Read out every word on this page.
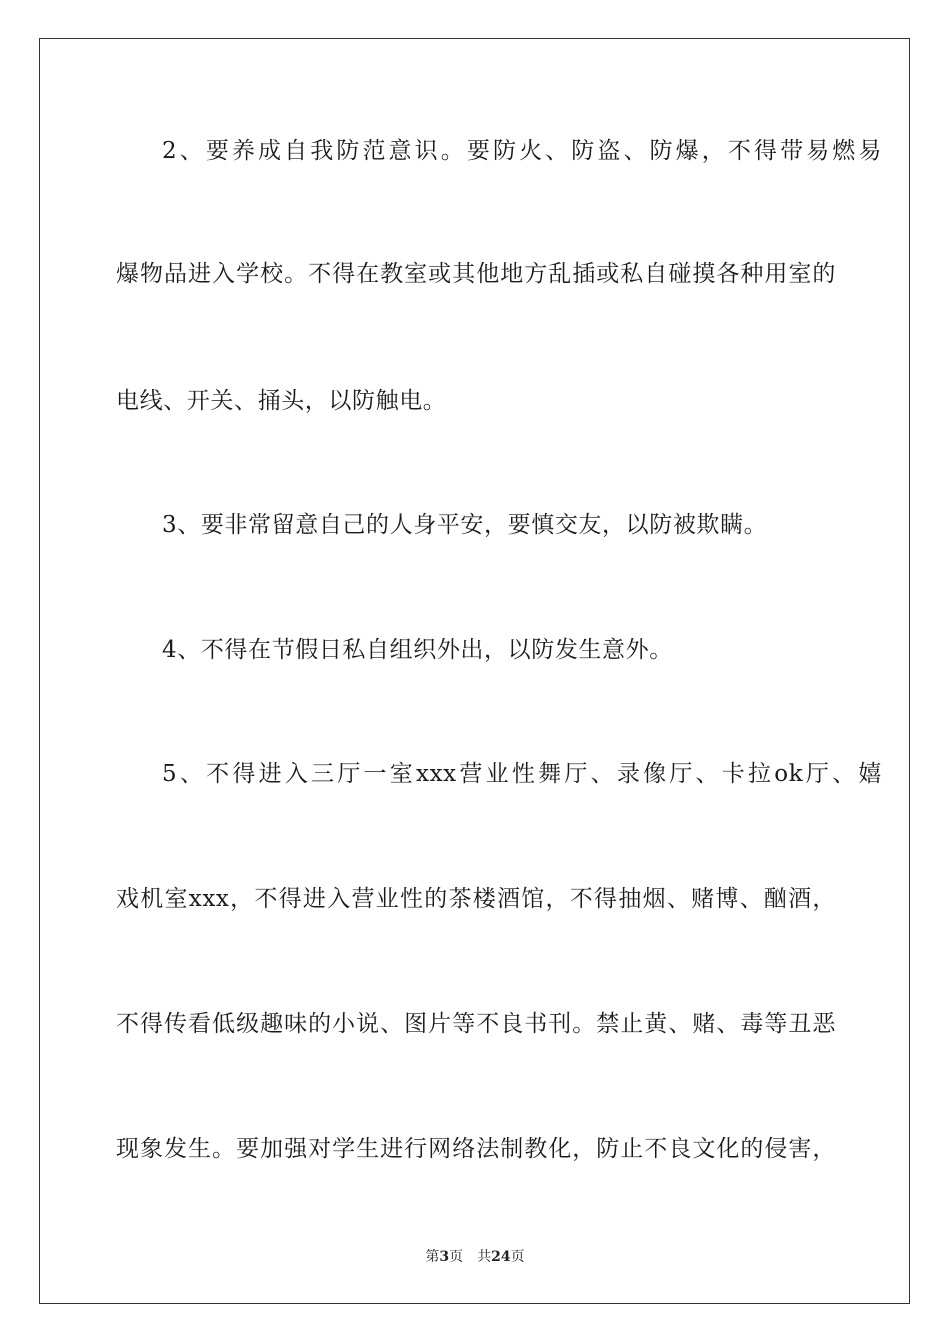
2、要养成自我防范意识。要防火、防盗、防爆，不得带易燃易
爆物品进入学校。不得在教室或其他地方乱插或私自碰摸各种用室的
电线、开关、捅头，以防触电。
3、要非常留意自己的人身平安，要慎交友，以防被欺瞒。
4、不得在节假日私自组织外出，以防发生意外。
5、不得进入三厅一室xxx营业性舞厅、录像厅、卡拉ok厅、嬉
戏机室xxx，不得进入营业性的茶楼酒馆，不得抽烟、赌博、酗酒，
不得传看低级趣味的小说、图片等不良书刊。禁止黄、赌、毒等丑恶
现象发生。要加强对学生进行网络法制教化，防止不良文化的侵害，
第3页 共24页
